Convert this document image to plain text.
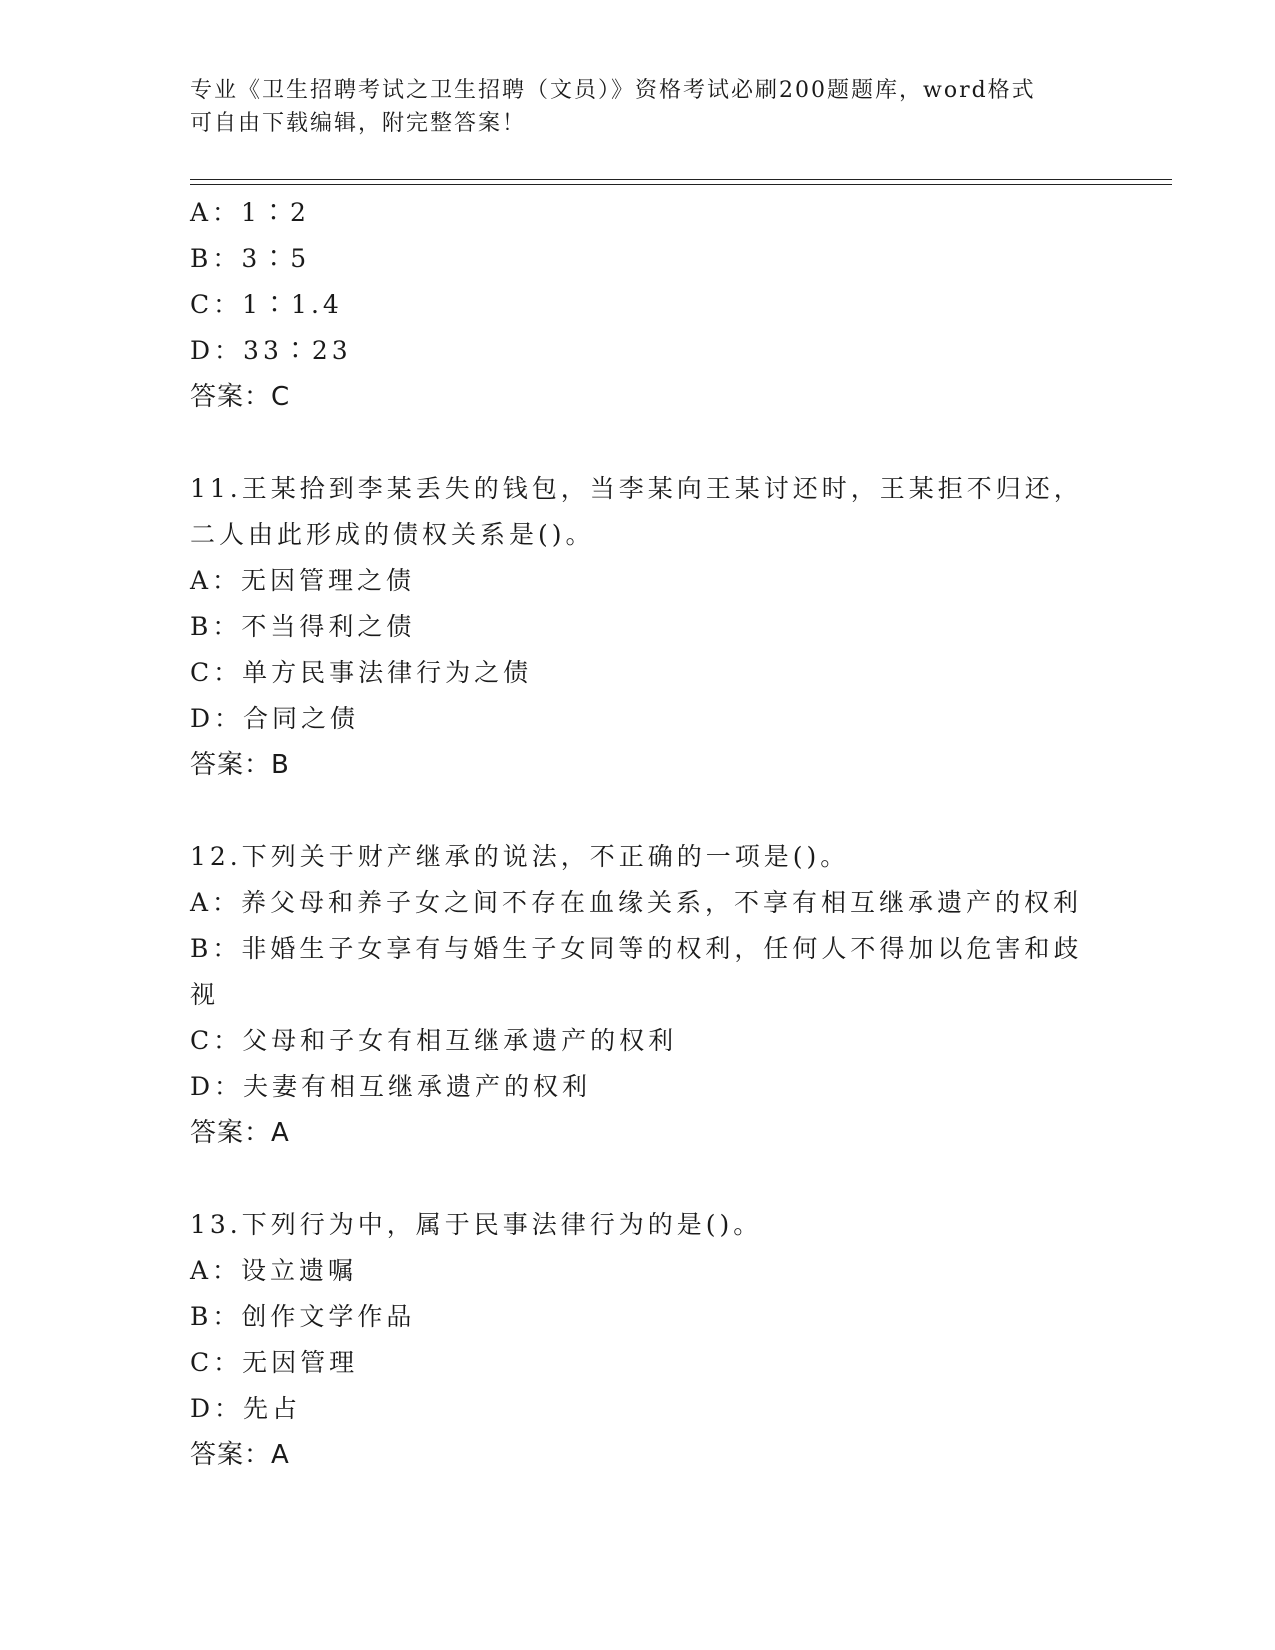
专业《卫生招聘考试之卫生招聘（文员）》资格考试必刷200题题库，word格式
可自由下载编辑，附完整答案！
A：1∶2
B：3∶5
C：1∶1.4
D：33∶23
答案：C
11.王某拾到李某丢失的钱包，当李某向王某讨还时，王某拒不归还，
二人由此形成的债权关系是()。
A：无因管理之债
B：不当得利之债
C：单方民事法律行为之债
D：合同之债
答案：B
12.下列关于财产继承的说法，不正确的一项是()。
A：养父母和养子女之间不存在血缘关系，不享有相互继承遗产的权利
B：非婚生子女享有与婚生子女同等的权利，任何人不得加以危害和歧视
C：父母和子女有相互继承遗产的权利
D：夫妻有相互继承遗产的权利
答案：A
13.下列行为中，属于民事法律行为的是()。
A：设立遗嘱
B：创作文学作品
C：无因管理
D：先占
答案：A
